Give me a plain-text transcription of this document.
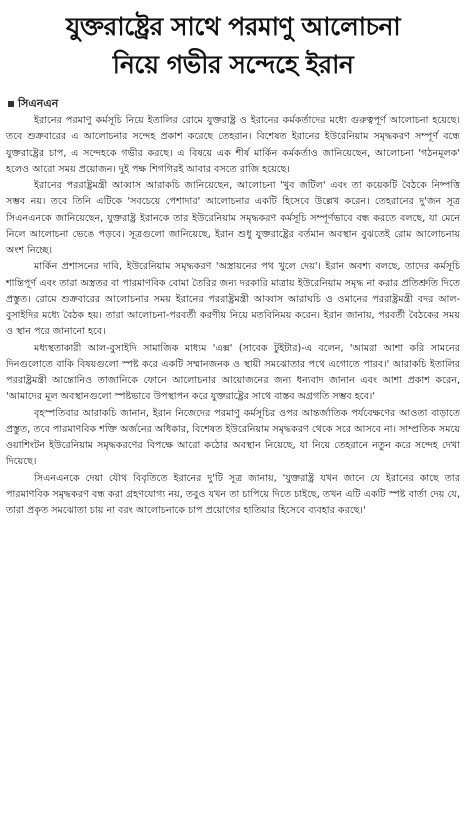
যুক্তরাষ্ট্রের সাথে পরমাণু আলোচনা
নিয়ে গভীর সন্দেহে ইরান
সিএনএন

ইরানের পরমাণু কর্মসূচি নিয়ে ইতালির রোমে যুক্তরাষ্ট্র ও ইরানের কর্মকর্তাদের মধ্যে গুরুত্বপূর্ণ আলোচনা হয়েছে। তবে শুক্রবারের এ আলোচনার সন্দেহ প্রকাশ করেছে তেহরান। বিশেষত ইরানের ইউরেনিয়াম সমৃদ্ধকরণ সম্পূর্ণ বন্ধে যুক্তরাষ্ট্রের চাপ, এ সন্দেহকে গভীর করছে। এ বিষয়ে এক শীর্ষ মার্কিন কর্মকর্তাও জানিয়েছেন, আলোচনা 'গঠনমূলক' হলেও আরো সময় প্রয়োজন। দুই পক্ষ শিগগিরই আবার বসতে রাজি হয়েছে।

ইরানের পররাষ্ট্রমন্ত্রী আব্বাস আরাকচি জানিয়েছেন, আলোচনা 'খুব জটিল' এবং তা কয়েকটি বৈঠকে নিষ্পত্তি সম্ভব নয়। তবে তিনি এটিকে 'সবচেয়ে পেশাদার' আলোচনার একটি হিসেবে উল্লেখ করেন। তেহরানের দু'জন সূত্র সিএনএনকে জানিয়েছেন, যুক্তরাষ্ট্র ইরানকে তার ইউরেনিয়াম সমৃদ্ধকরণ কর্মসূচি সম্পূর্ণভাবে বন্ধ করতে বলছে, যা মেনে নিলে আলোচনা ভেঙে পড়বে। সূত্রগুলো জানিয়েছে, ইরান শুধু যুক্তরাষ্ট্রের বর্তমান অবস্থান বুঝতেই রোম আলোচনায় অংশ নিচ্ছে।

মার্কিন প্রশাসনের দাবি, ইউরেনিয়াম সমৃদ্ধকরণ 'অস্ত্রায়নের পথ খুলে দেয়'। ইরান অবশ্য বলছে, তাদের কর্মসূচি শান্তিপূর্ণ এবং তারা অস্ত্রতর বা পারমাণবিক বোমা তৈরির জন্য দরকারি মাত্রায় ইউরেনিয়াম সমৃদ্ধ না করার প্রতিশ্রুতি দিতে প্রস্তুত। রোমে শুক্রবারের আলোচনার সময় ইরানের পররাষ্ট্রমন্ত্রী আব্বাস আরাঘচি ও ওমানের পররাষ্ট্রমন্ত্রী বদর আল-বুসাইদির মধ্যে বৈঠক হয়। তারা আলোচনা-পরবর্তী করণীয় নিয়ে মতবিনিময় করেন। ইরান জানায়, পরবর্তী বৈঠকের সময় ও স্থান পরে জানানো হবে।

মধ্যস্থতাকারী আল-বুসাইদি সামাজিক মাধ্যম 'এক্স' (সাবেক টুইটার)-এ বলেন, 'আমরা আশা করি সামনের দিনগুলোতে বাকি বিষয়গুলো স্পষ্ট করে একটি সম্মানজনক ও স্থায়ী সমঝোতার পথে এগোতে পারব।' আরাকচি ইতালির পররাষ্ট্রমন্ত্রী আন্তোনিও তাজানিকে ফোনে আলোচনার আয়োজনের জন্য ধন্যবাদ জানান এবং আশা প্রকাশ করেন, 'আমাদের মূল অবস্থানগুলো স্পষ্টভাবে উপস্থাপন করে যুক্তরাষ্ট্রের সাথে বাস্তব অগ্রগতি সম্ভব হবে।'

বৃহস্পতিবার আরাকচি জানান, ইরান নিজেদের পরমাণু কর্মসূচির ওপর আন্তর্জাতিক পর্যবেক্ষণের আওতা বাড়াতে প্রস্তুত, তবে পারমাণবিক শক্তি অর্জনের অধিকার, বিশেষত ইউরেনিয়াম সমৃদ্ধকরণ থেকে সরে আসবে না। সাম্প্রতিক সময়ে ওয়াশিংটন ইউরেনিয়াম সমৃদ্ধকরণের বিপক্ষে আরো কঠোর অবস্থান নিয়েছে, যা নিয়ে তেহরানে নতুন করে সন্দেহ দেখা দিয়েছে।

সিএনএনকে দেয়া যৌথ বিবৃতিতে ইরানের দু'টি সূত্র জানায়, 'যুক্তরাষ্ট্র যখন জানে যে ইরানের কাছে তার পারমাণবিক সমৃদ্ধকরণ বন্ধ করা গ্রহণযোগ্য নয়, তবুও যখন তা চাপিয়ে দিতে চাইছে, তখন এটি একটি স্পষ্ট বার্তা দেয় যে, তারা প্রকৃত সমঝোতা চায় না বরং আলোচনাকে চাপ প্রয়োগের হাতিয়ার হিসেবে ব্যবহার করছে।'
